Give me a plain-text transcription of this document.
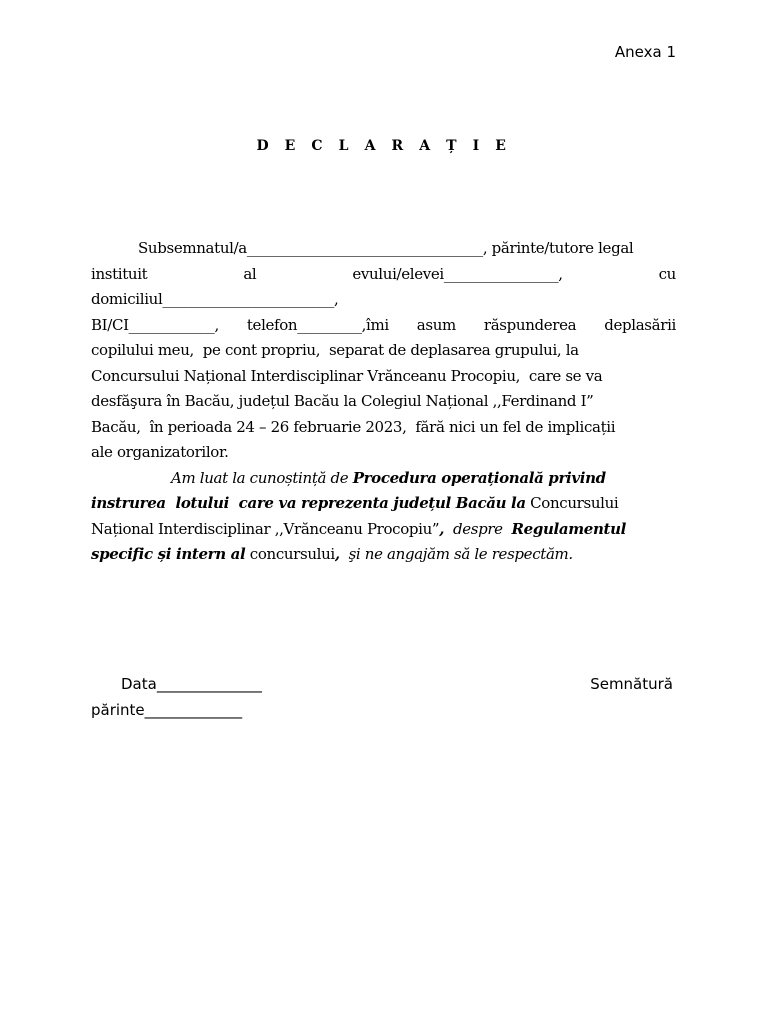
Anexa 1
D E C L A R A Ț I E
Subsemnatul/a_________________________________, părinte/tutore legal
instituit	al	evului/elevei________________,	cu
domiciliul________________________,
BI/CI____________, telefon_________,îmi asum răspunderea deplasării
copilului meu,  pe cont propriu,  separat de deplasarea grupului, la
Concursului Național Interdisciplinar Vrănceanu Procopiu,  care se va
desfăşura în Bacău, județul Bacău la Colegiul Național ,,Ferdinand I”
Bacău,  în perioada 24 – 26 februarie 2023,  fără nici un fel de implicații
ale organizatorilor.
Am luat la cunoștință de Procedura operațională privind
instrurea  lotului  care va reprezenta județul Bacău la Concursului
Național Interdisciplinar ,,Vrănceanu Procopiu”,  despre  Regulamentul
specific și intern al concursului,  şi ne angajăm să le respectăm.
Data______________	Semnătură
părinte_____________
